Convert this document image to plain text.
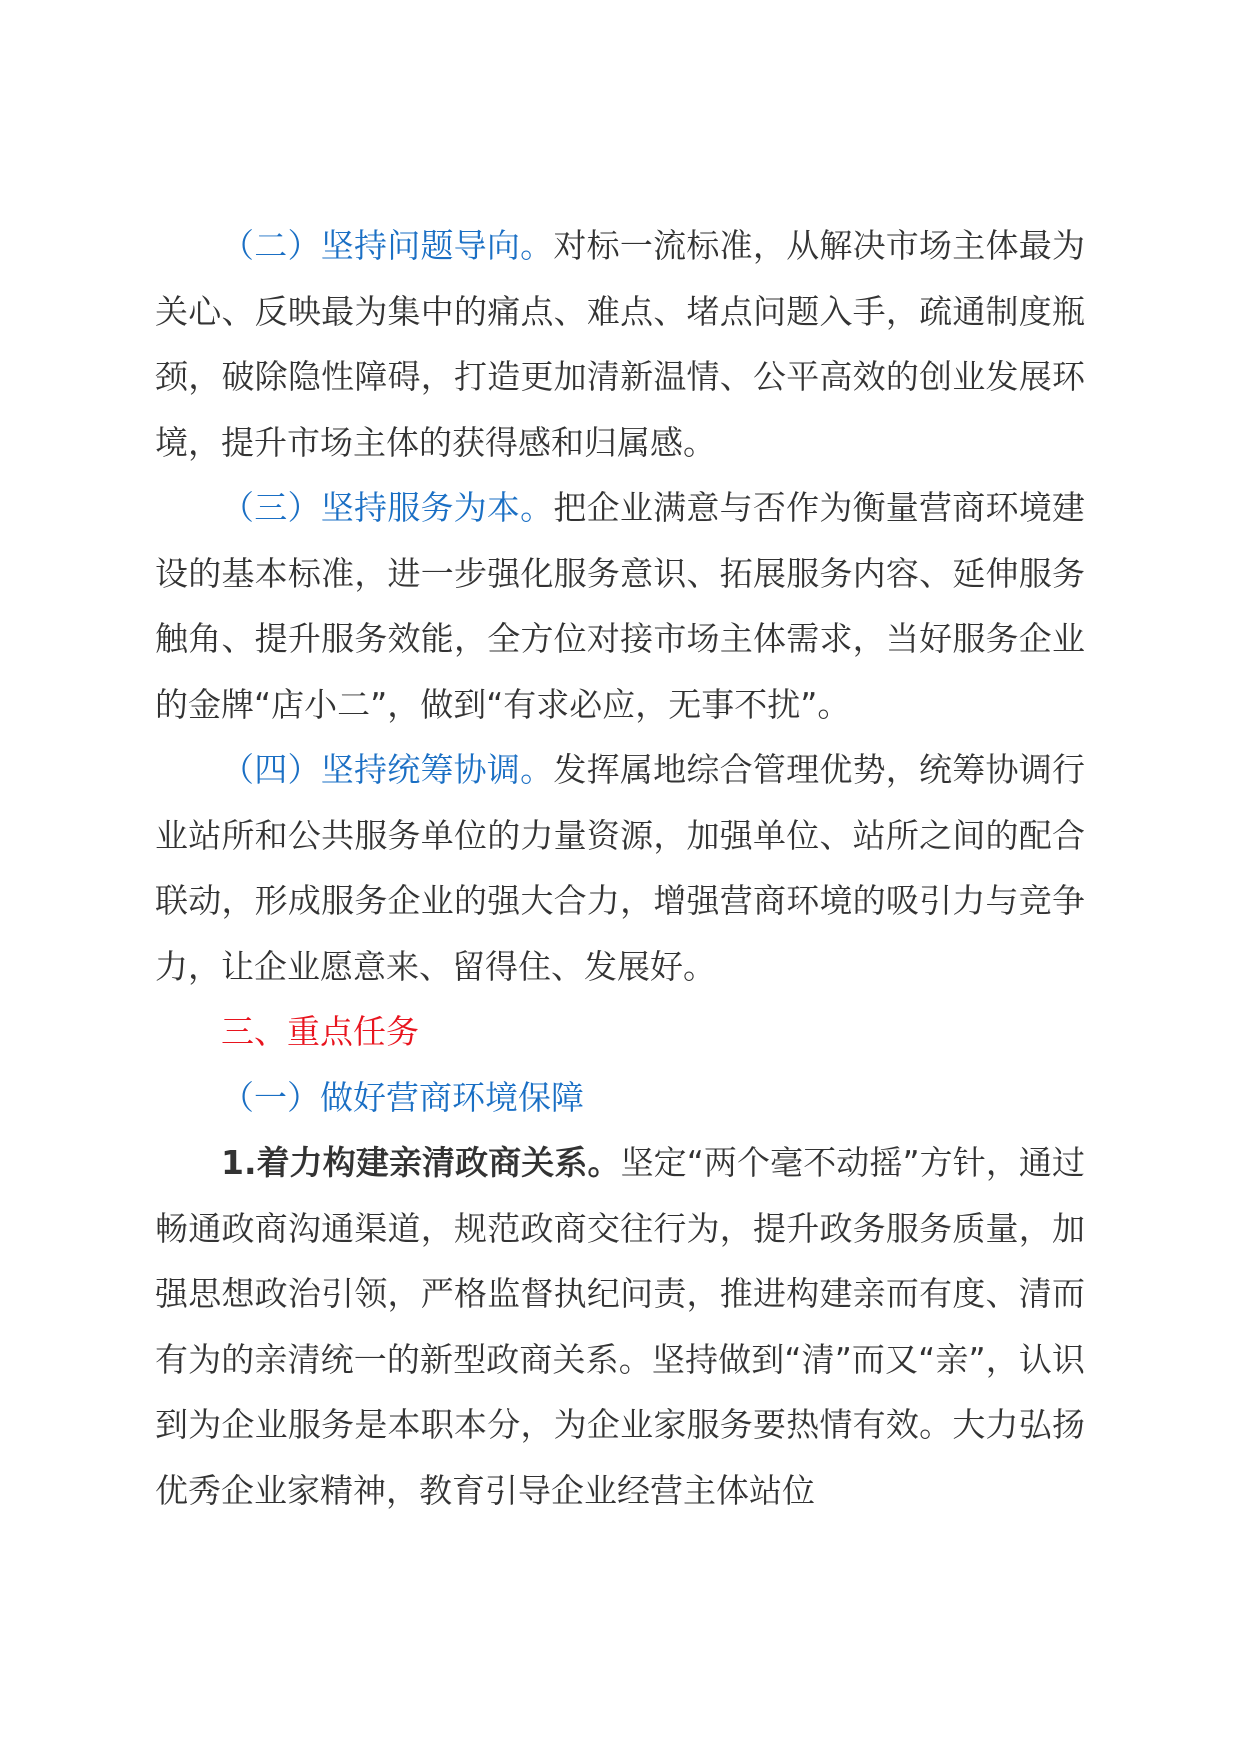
（二）坚持问题导向。对标一流标准，从解决市场主体最为关心、反映最为集中的痛点、难点、堵点问题入手，疏通制度瓶颈，破除隐性障碍，打造更加清新温情、公平高效的创业发展环境，提升市场主体的获得感和归属感。

（三）坚持服务为本。把企业满意与否作为衡量营商环境建设的基本标准，进一步强化服务意识、拓展服务内容、延伸服务触角、提升服务效能，全方位对接市场主体需求，当好服务企业的金牌“店小二”，做到“有求必应，无事不扰”。

（四）坚持统筹协调。发挥属地综合管理优势，统筹协调行业站所和公共服务单位的力量资源，加强单位、站所之间的配合联动，形成服务企业的强大合力，增强营商环境的吸引力与竞争力，让企业愿意来、留得住、发展好。

三、重点任务

（一）做好营商环境保障

1.着力构建亲清政商关系。坚定“两个毫不动摇”方针，通过畅通政商沟通渠道，规范政商交往行为，提升政务服务质量，加强思想政治引领，严格监督执纪问责，推进构建亲而有度、清而有为的亲清统一的新型政商关系。坚持做到“清”而又“亲”，认识到为企业服务是本职本分，为企业家服务要热情有效。大力弘扬优秀企业家精神，教育引导企业经营主体站位
